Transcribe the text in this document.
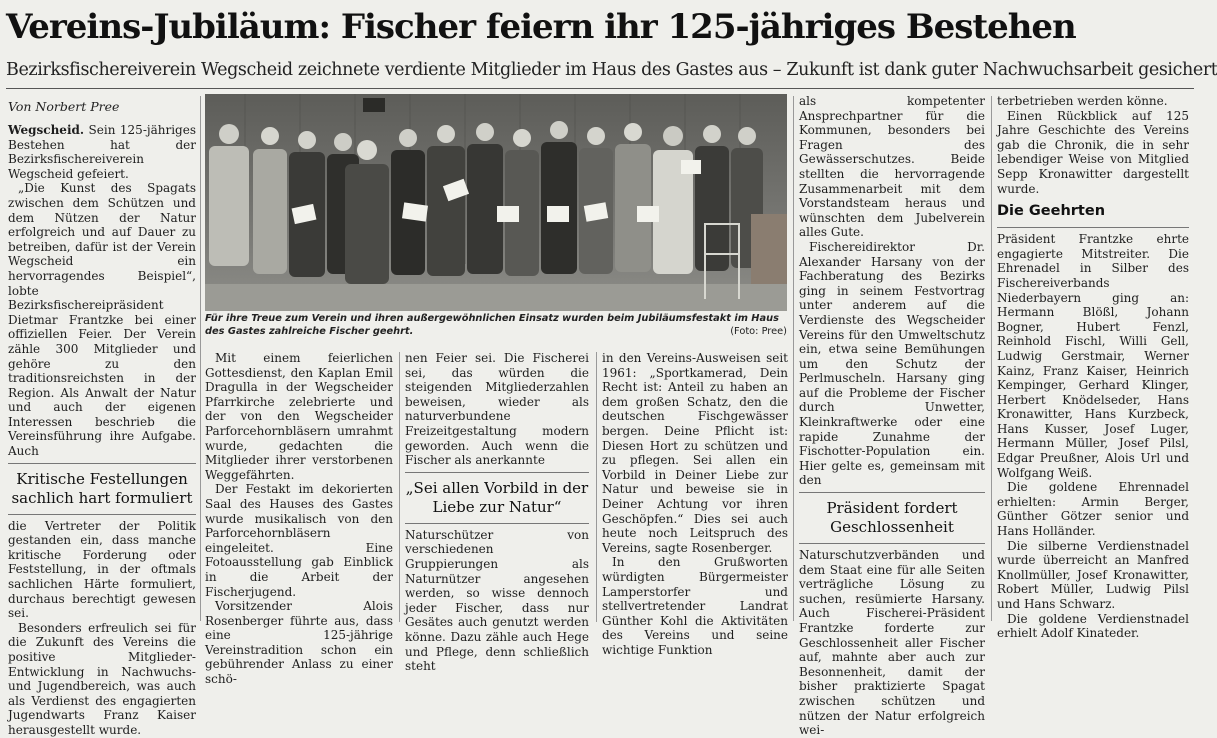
Vereins-Jubiläum: Fischer feiern ihr 125-jähriges Bestehen
Bezirksfischereiverein Wegscheid zeichnete verdiente Mitglieder im Haus des Gastes aus – Zukunft ist dank guter Nachwuchsarbeit gesichert
Von Norbert Pree

Wegscheid. Sein 125-jähriges Bestehen hat der Bezirksfischereiverein Wegscheid gefeiert.

„Die Kunst des Spagats zwischen dem Schützen und dem Nützen der Natur erfolgreich und auf Dauer zu betreiben, dafür ist der Verein Wegscheid ein hervorragendes Beispiel“, lobte Bezirksfischereipräsident Dietmar Frantzke bei einer offiziellen Feier. Der Verein zähle 300 Mitglieder und gehöre zu den traditionsreichsten in der Region. Als Anwalt der Natur und auch der eigenen Interessen beschrieb die Vereinsführung ihre Aufgabe. Auch

Kritische Festellungen sachlich hart formuliert

die Vertreter der Politik gestanden ein, dass manche kritische Forderung oder Feststellung, in der oftmals sachlichen Härte formuliert, durchaus berechtigt gewesen sei.

Besonders erfreulich sei für die Zukunft des Vereins die positive Mitglieder-Entwicklung in Nachwuchs- und Jugendbereich, was auch als Verdienst des engagierten Jugendwarts Franz Kaiser herausgestellt wurde.

Für ihre Treue zum Verein und ihren außergewöhnlichen Einsatz wurden beim Jubiläumsfestakt im Haus des Gastes zahlreiche Fischer geehrt.	(Foto: Pree)

Mit einem feierlichen Gottesdienst, den Kaplan Emil Dragulla in der Wegscheider Pfarrkirche zelebrierte und der von den Wegscheider Parforcehornbläsern umrahmt wurde, gedachten die Mitglieder ihrer verstorbenen Weggefährten.

Der Festakt im dekorierten Saal des Hauses des Gastes wurde musikalisch von den Parforcehornbläsern eingeleitet. Eine Fotoausstellung gab Einblick in die Arbeit der Fischerjugend.

Vorsitzender Alois Rosenberger führte aus, dass eine 125-jährige Vereinstradition schon ein gebührender Anlass zu einer schö-

nen Feier sei. Die Fischerei sei, das würden die steigenden Mitgliederzahlen beweisen, wieder als naturverbundene Freizeitgestaltung modern geworden. Auch wenn die Fischer als anerkannte

„Sei allen Vorbild in der Liebe zur Natur“

Naturschützer von verschiedenen Gruppierungen als Naturnützer angesehen werden, so wisse dennoch jeder Fischer, dass nur Gesätes auch genutzt werden könne. Dazu zähle auch Hege und Pflege, denn schließlich steht

in den Vereins-Ausweisen seit 1961: „Sportkamerad, Dein Recht ist: Anteil zu haben an dem großen Schatz, den die deutschen Fischgewässer bergen. Deine Pflicht ist: Diesen Hort zu schützen und zu pflegen. Sei allen ein Vorbild in Deiner Liebe zur Natur und beweise sie in Deiner Achtung vor ihren Geschöpfen.“ Dies sei auch heute noch Leitspruch des Vereins, sagte Rosenberger.

In den Grußworten würdigten Bürgermeister Lamperstorfer und stellvertretender Landrat Günther Kohl die Aktivitäten des Vereins und seine wichtige Funktion

als kompetenter Ansprechpartner für die Kommunen, besonders bei Fragen des Gewässerschutzes. Beide stellten die hervorragende Zusammenarbeit mit dem Vorstandsteam heraus und wünschten dem Jubelverein alles Gute.

Fischereidirektor Dr. Alexander Harsany von der Fachberatung des Bezirks ging in seinem Festvortrag unter anderem auf die Verdienste des Wegscheider Vereins für den Umweltschutz ein, etwa seine Bemühungen um den Schutz der Perlmuscheln. Harsany ging auf die Probleme der Fischer durch Unwetter, Kleinkraftwerke oder eine rapide Zunahme der Fischotter-Population ein. Hier gelte es, gemeinsam mit den

Präsident fordert Geschlossenheit

Naturschutzverbänden und dem Staat eine für alle Seiten verträgliche Lösung zu suchen, resümierte Harsany. Auch Fischerei-Präsident Frantzke forderte zur Geschlossenheit aller Fischer auf, mahnte aber auch zur Besonnenheit, damit der bisher praktizierte Spagat zwischen schützen und nützen der Natur erfolgreich wei-

terbetrieben werden könne.

Einen Rückblick auf 125 Jahre Geschichte des Vereins gab die Chronik, die in sehr lebendiger Weise von Mitglied Sepp Kronawitter dargestellt wurde.

Die Geehrten

Präsident Frantzke ehrte engagierte Mitstreiter. Die Ehrenadel in Silber des Fischereiverbands Niederbayern ging an: Hermann Blößl, Johann Bogner, Hubert Fenzl, Reinhold Fischl, Willi Gell, Ludwig Gerstmair, Werner Kainz, Franz Kaiser, Heinrich Kempinger, Gerhard Klinger, Herbert Knödelseder, Hans Kronawitter, Hans Kurzbeck, Hans Kusser, Josef Luger, Hermann Müller, Josef Pilsl, Edgar Preußner, Alois Url und Wolfgang Weiß.

Die goldene Ehrennadel erhielten: Armin Berger, Günther Götzer senior und Hans Holländer.

Die silberne Verdienstnadel wurde überreicht an Manfred Knollmüller, Josef Kronawitter, Robert Müller, Ludwig Pilsl und Hans Schwarz.

Die goldene Verdienstnadel erhielt Adolf Kinateder.
